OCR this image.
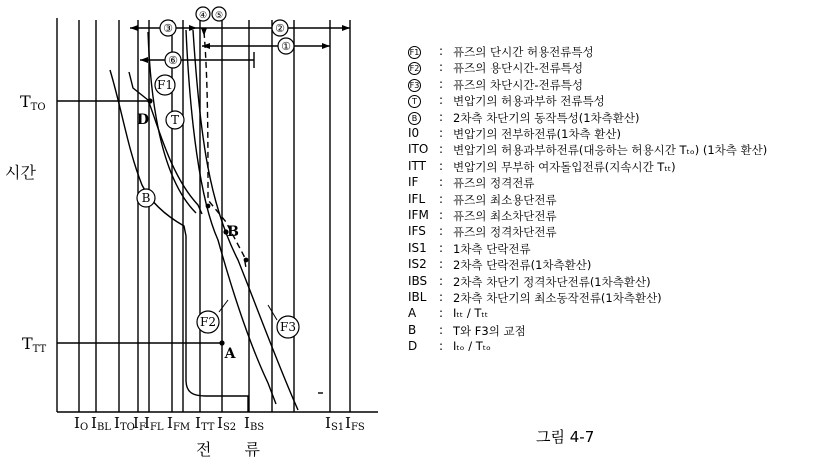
③
④ ⑤
②
①
⑥
F1
T
B
F2	F3
D
A
B
TTO
TTT
IO IBL ITO
IF
IFL IFM ITT IS2 IBS	IS1 IFS
시간
전 류
F1	: 퓨즈의 단시간 허용전류특성
F2	: 퓨즈의 용단시간-전류특성
F3	: 퓨즈의 차단시간-전류특성
T	: 변압기의 허용과부하 전류특성
B	: 2차측 차단기의 동작특성(1차측환산)
I0	: 변압기의 전부하전류(1차측 환산)
ITO : 변압기의 허용과부하전류(대응하는 허용시간 Tₜₒ) (1차측 환산)
ITT	: 변압기의 무부하 여자돌입전류(지속시간 Tₜₜ)
IF	: 퓨즈의 정격전류
IFL	: 퓨즈의 최소용단전류
IFM : 퓨즈의 최소차단전류
IFS	: 퓨즈의 정격차단전류
IS1	: 1차측 단락전류
IS2	: 2차측 단락전류(1차측환산)
IBS : 2차측 차단기 정격차단전류(1차측환산)
IBL	: 2차측 차단기의 최소동작전류(1차측환산)
A	: Iₜₜ / Tₜₜ
B	: T와 F3의 교점
D	: Iₜₒ / Tₜₒ
그림 4-7
